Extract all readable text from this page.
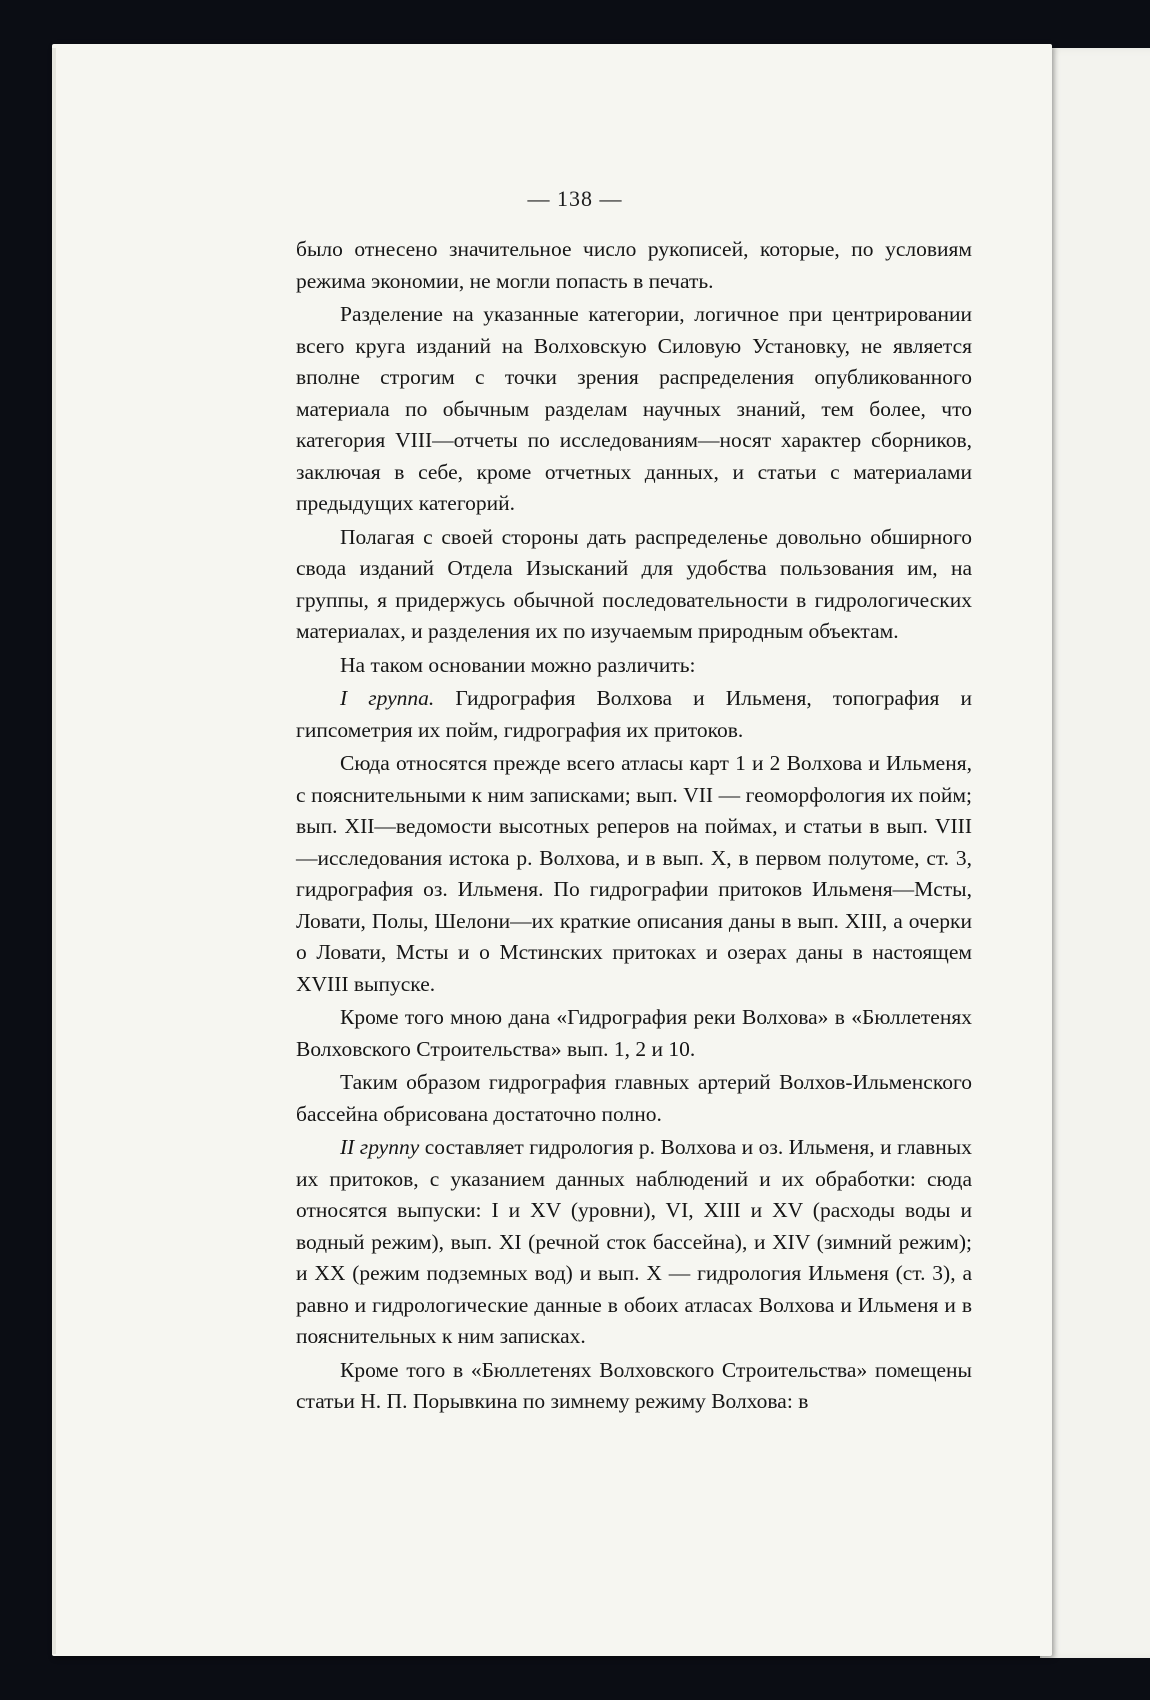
— 138 —

было отнесено значительное число рукописей, которые, по условиям режима экономии, не могли попасть в печать.

Разделение на указанные категории, логичное при центрировании всего круга изданий на Волховскую Силовую Установку, не является вполне строгим с точки зрения распределения опубликованного материала по обычным разделам научных знаний, тем более, что категория VIII—отчеты по исследованиям—носят характер сборников, заключая в себе, кроме отчетных данных, и статьи с материалами предыдущих категорий.

Полагая с своей стороны дать распределенье довольно обширного свода изданий Отдела Изысканий для удобства пользования им, на группы, я придержусь обычной последовательности в гидрологических материалах, и разделения их по изучаемым природным объектам.

На таком основании можно различить:

I группа. Гидрография Волхова и Ильменя, топография и гипсометрия их пойм, гидрография их притоков.

Сюда относятся прежде всего атласы карт 1 и 2 Волхова и Ильменя, с пояснительными к ним записками; вып. VII — геоморфология их пойм; вып. XII—ведомости высотных реперов на поймах, и статьи в вып. VIII—исследования истока р. Волхова, и в вып. X, в первом полутоме, ст. 3, гидрография оз. Ильменя. По гидрографии притоков Ильменя—Мсты, Ловати, Полы, Шелони—их краткие описания даны в вып. XIII, а очерки о Ловати, Мсты и о Мстинских притоках и озерах даны в настоящем XVIII выпуске.

Кроме того мною дана «Гидрография реки Волхова» в «Бюллетенях Волховского Строительства» вып. 1, 2 и 10.

Таким образом гидрография главных артерий Волхов-Ильменского бассейна обрисована достаточно полно.

II группу составляет гидрология р. Волхова и оз. Ильменя, и главных их притоков, с указанием данных наблюдений и их обработки: сюда относятся выпуски: I и XV (уровни), VI, XIII и XV (расходы воды и водный режим), вып. XI (речной сток бассейна), и XIV (зимний режим); и XX (режим подземных вод) и вып. X — гидрология Ильменя (ст. 3), а равно и гидрологические данные в обоих атласах Волхова и Ильменя и в пояснительных к ним записках.

Кроме того в «Бюллетенях Волховского Строительства» помещены статьи Н. П. Порывкина по зимнему режиму Волхова: в
